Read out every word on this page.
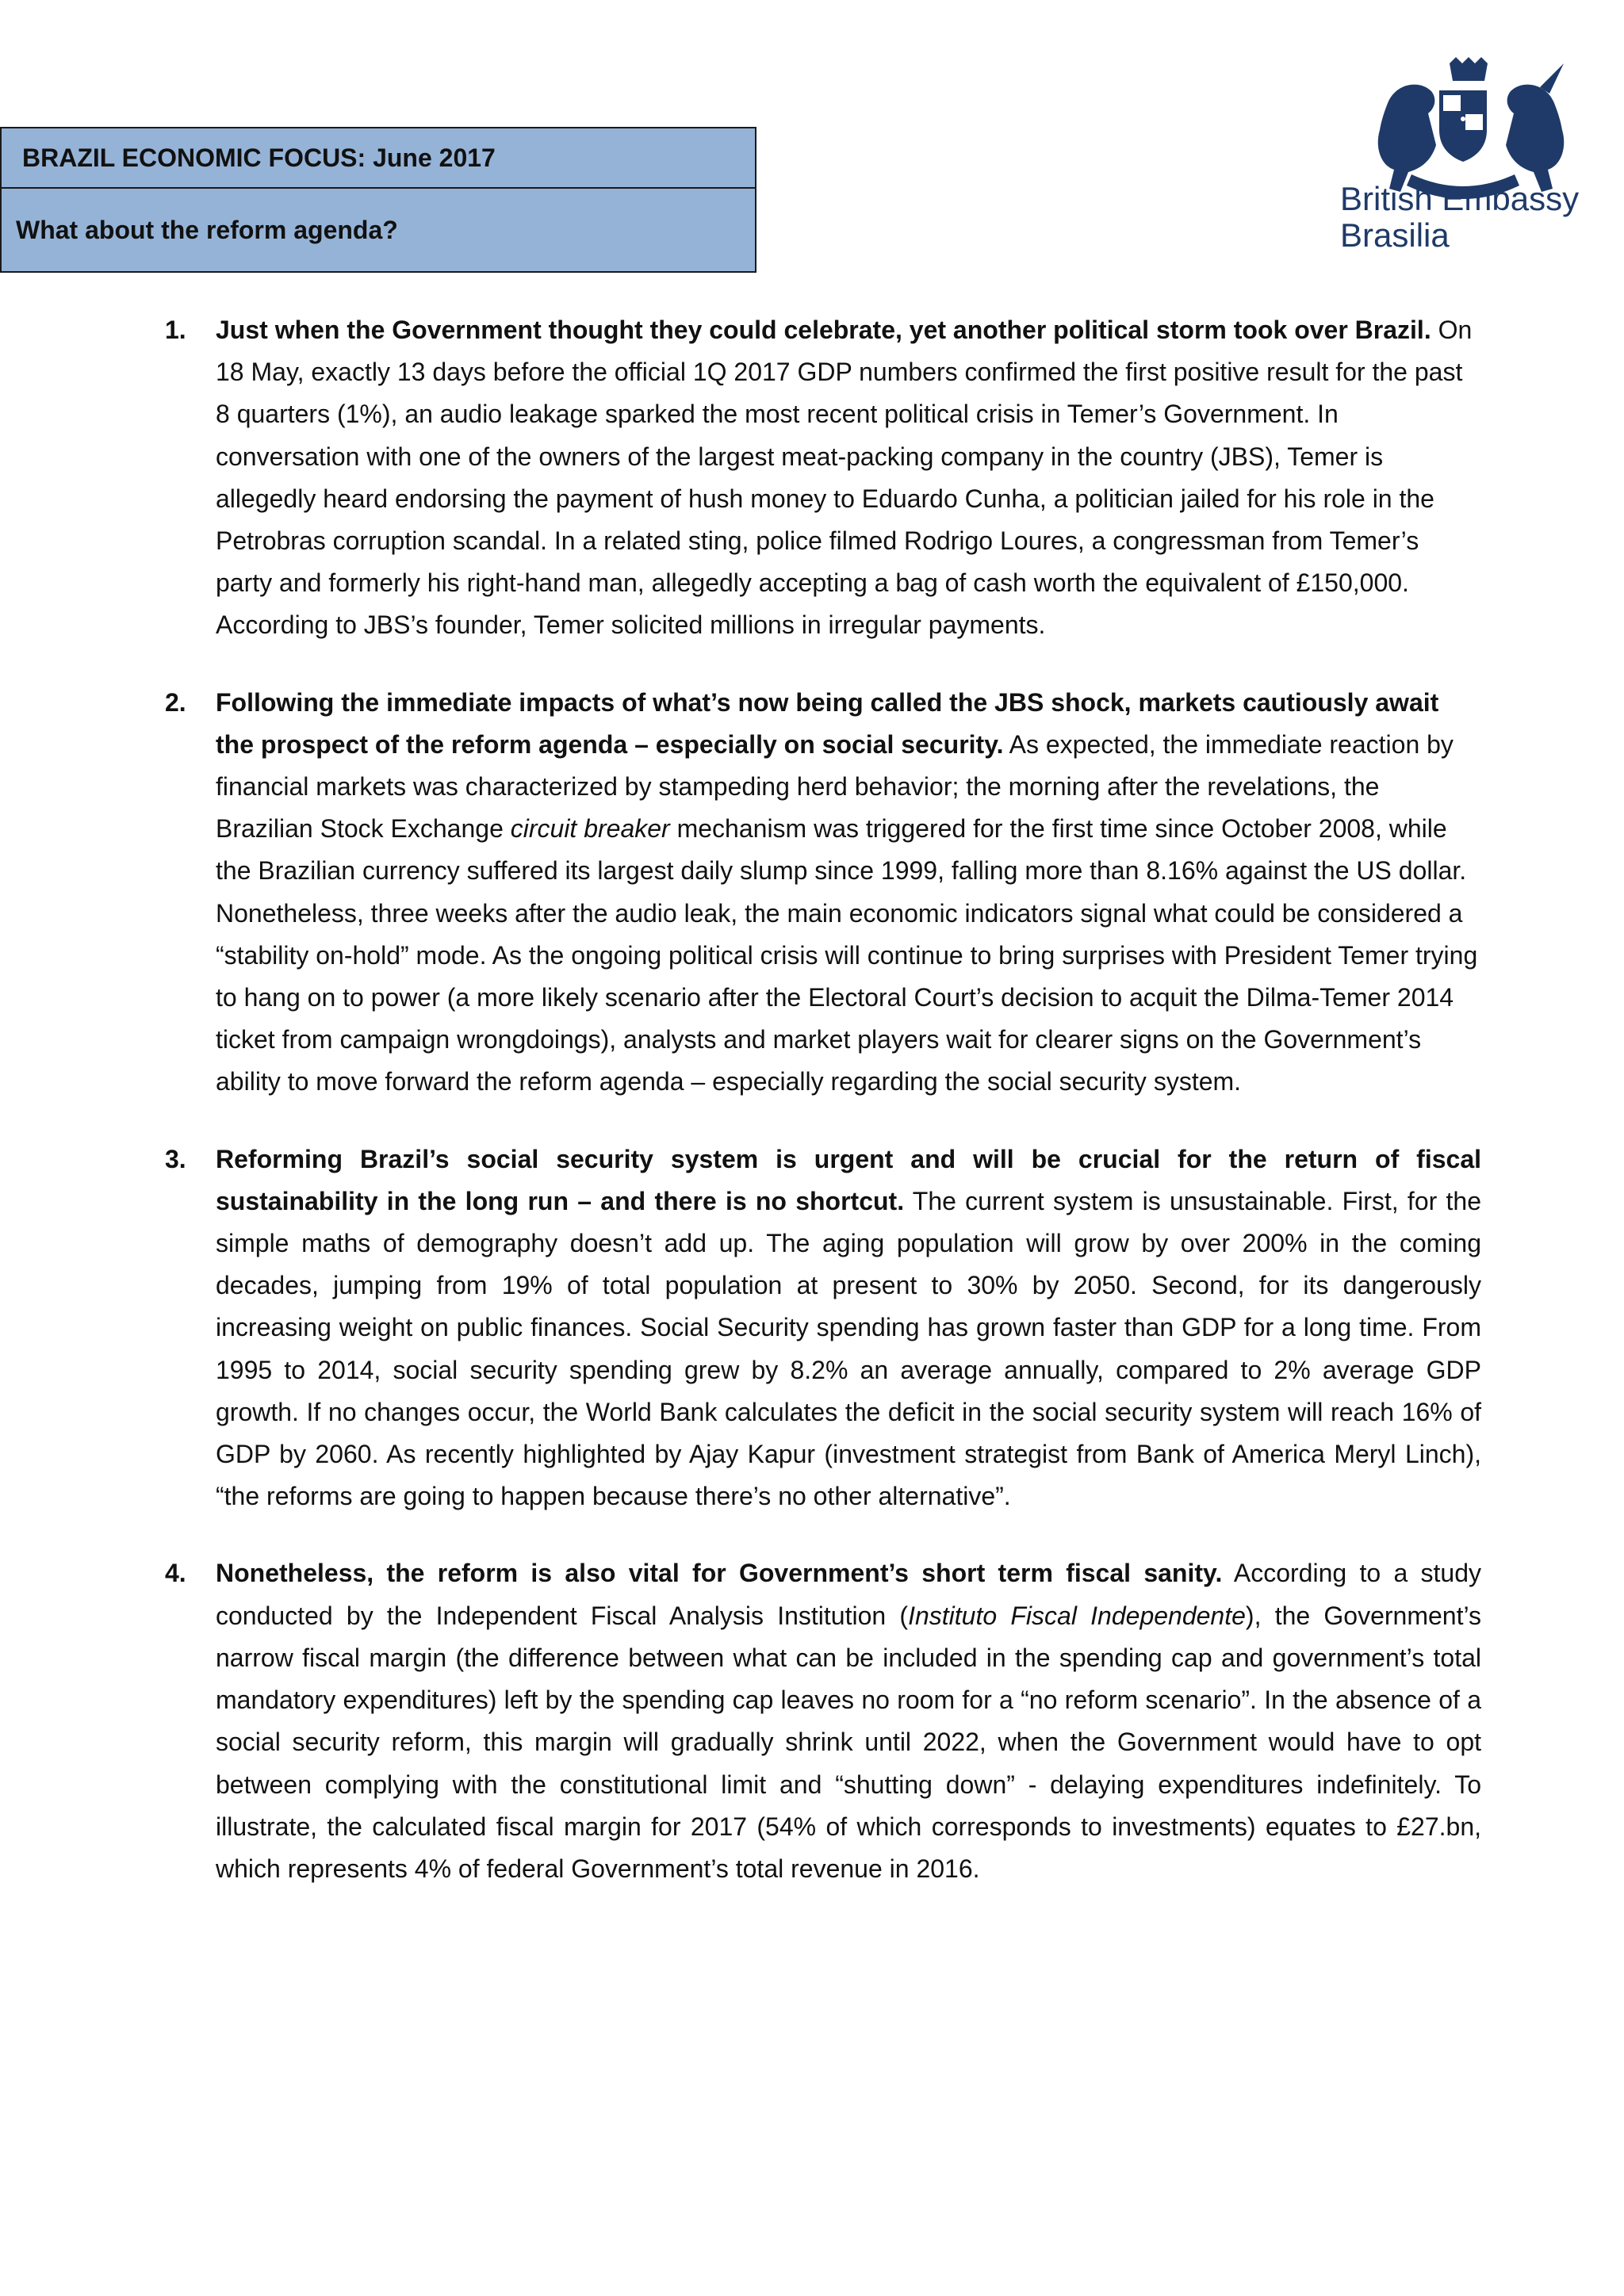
BRAZIL ECONOMIC FOCUS: June 2017
What about the reform agenda?
British Embassy
Brasilia
1. Just when the Government thought they could celebrate, yet another political storm took over Brazil. On 18 May, exactly 13 days before the official 1Q 2017 GDP numbers confirmed the first positive result for the past 8 quarters (1%), an audio leakage sparked the most recent political crisis in Temer’s Government. In conversation with one of the owners of the largest meat-packing company in the country (JBS), Temer is allegedly heard endorsing the payment of hush money to Eduardo Cunha, a politician jailed for his role in the Petrobras corruption scandal. In a related sting, police filmed Rodrigo Loures, a congressman from Temer’s party and formerly his right-hand man, allegedly accepting a bag of cash worth the equivalent of £150,000. According to JBS’s founder, Temer solicited millions in irregular payments.
2. Following the immediate impacts of what’s now being called the JBS shock, markets cautiously await the prospect of the reform agenda – especially on social security. As expected, the immediate reaction by financial markets was characterized by stampeding herd behavior; the morning after the revelations, the Brazilian Stock Exchange circuit breaker mechanism was triggered for the first time since October 2008, while the Brazilian currency suffered its largest daily slump since 1999, falling more than 8.16% against the US dollar. Nonetheless, three weeks after the audio leak, the main economic indicators signal what could be considered a “stability on-hold” mode. As the ongoing political crisis will continue to bring surprises with President Temer trying to hang on to power (a more likely scenario after the Electoral Court’s decision to acquit the Dilma-Temer 2014 ticket from campaign wrongdoings), analysts and market players wait for clearer signs on the Government’s ability to move forward the reform agenda – especially regarding the social security system.
3. Reforming Brazil’s social security system is urgent and will be crucial for the return of fiscal sustainability in the long run – and there is no shortcut. The current system is unsustainable. First, for the simple maths of demography doesn’t add up. The aging population will grow by over 200% in the coming decades, jumping from 19% of total population at present to 30% by 2050. Second, for its dangerously increasing weight on public finances. Social Security spending has grown faster than GDP for a long time. From 1995 to 2014, social security spending grew by 8.2% an average annually, compared to 2% average GDP growth. If no changes occur, the World Bank calculates the deficit in the social security system will reach 16% of GDP by 2060. As recently highlighted by Ajay Kapur (investment strategist from Bank of America Meryl Linch), “the reforms are going to happen because there’s no other alternative”.
4. Nonetheless, the reform is also vital for Government’s short term fiscal sanity. According to a study conducted by the Independent Fiscal Analysis Institution (Instituto Fiscal Independente), the Government’s narrow fiscal margin (the difference between what can be included in the spending cap and government’s total mandatory expenditures) left by the spending cap leaves no room for a “no reform scenario”. In the absence of a social security reform, this margin will gradually shrink until 2022, when the Government would have to opt between complying with the constitutional limit and “shutting down” - delaying expenditures indefinitely. To illustrate, the calculated fiscal margin for 2017 (54% of which corresponds to investments) equates to £27.bn, which represents 4% of federal Government’s total revenue in 2016.
